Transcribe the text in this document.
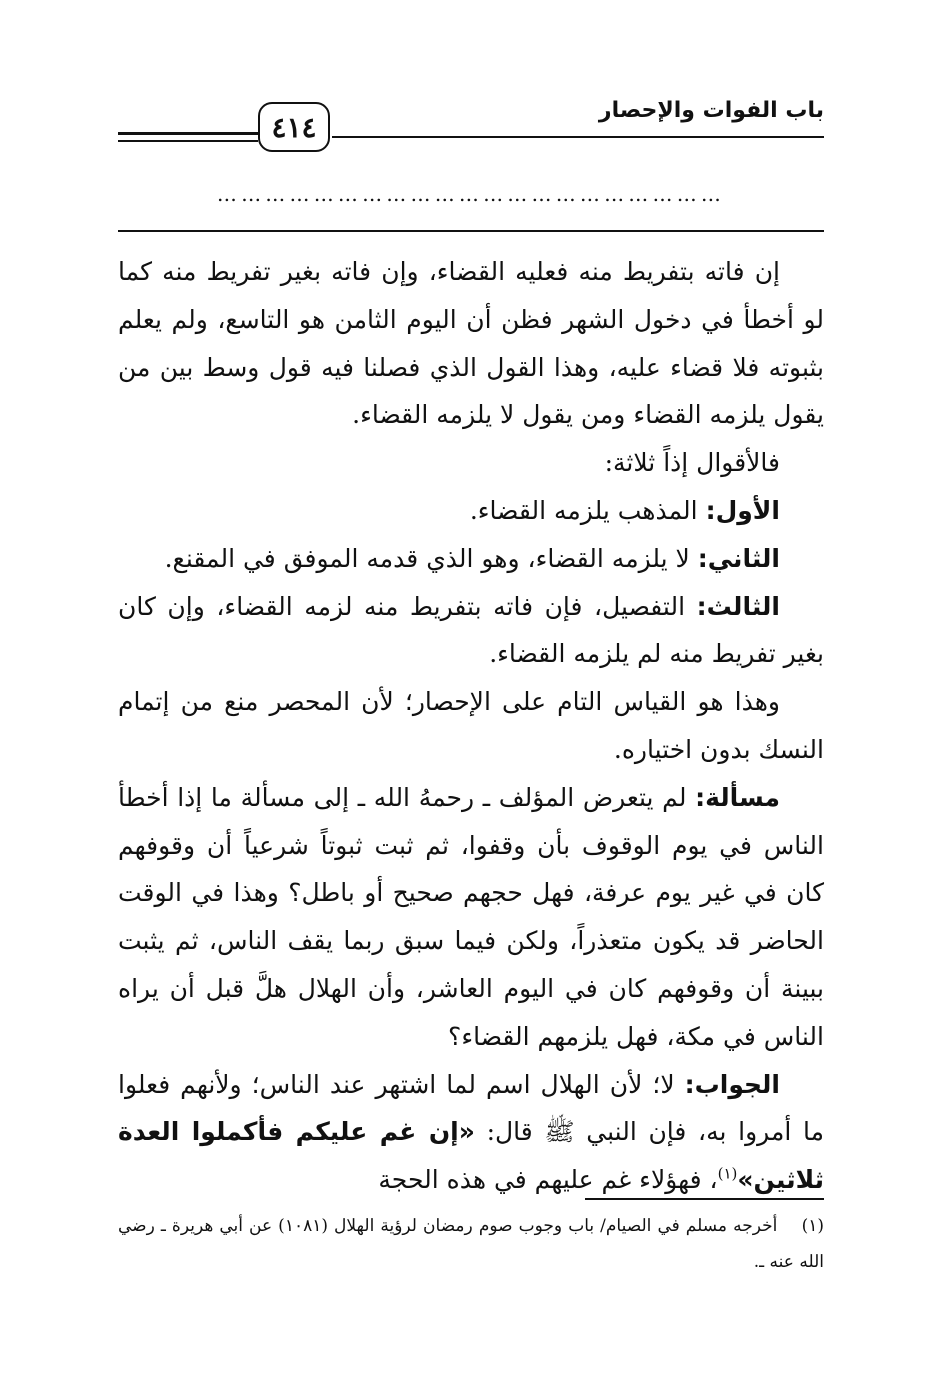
٤١٤	باب الفوات والإحصار
………………………………………………………

إن فاته بتفريط منه فعليه القضاء، وإن فاته بغير تفريط منه كما لو أخطأ في دخول الشهر فظن أن اليوم الثامن هو التاسع، ولم يعلم بثبوته فلا قضاء عليه، وهذا القول الذي فصلنا فيه قول وسط بين من يقول يلزمه القضاء ومن يقول لا يلزمه القضاء.

فالأقوال إذاً ثلاثة:

الأول: المذهب يلزمه القضاء.

الثاني: لا يلزمه القضاء، وهو الذي قدمه الموفق في المقنع.

الثالث: التفصيل، فإن فاته بتفريط منه لزمه القضاء، وإن كان بغير تفريط منه لم يلزمه القضاء.

وهذا هو القياس التام على الإحصار؛ لأن المحصر منع من إتمام النسك بدون اختياره.

مسألة: لم يتعرض المؤلف ـ رحمهُ الله ـ إلى مسألة ما إذا أخطأ الناس في يوم الوقوف بأن وقفوا، ثم ثبت ثبوتاً شرعياً أن وقوفهم كان في غير يوم عرفة، فهل حجهم صحيح أو باطل؟ وهذا في الوقت الحاضر قد يكون متعذراً، ولكن فيما سبق ربما يقف الناس، ثم يثبت ببينة أن وقوفهم كان في اليوم العاشر، وأن الهلال هلَّ قبل أن يراه الناس في مكة، فهل يلزمهم القضاء؟

الجواب: لا؛ لأن الهلال اسم لما اشتهر عند الناس؛ ولأنهم فعلوا ما أمروا به، فإن النبي ﷺ قال: «إن غم عليكم فأكملوا العدة ثلاثين»$^{(١)}$، فهؤلاء غم عليهم في هذه الحجة

(١)    أخرجه مسلم في الصيام/ باب وجوب صوم رمضان لرؤية الهلال (١٠٨١) عن أبي هريرة ـ رضي الله عنه ـ.
